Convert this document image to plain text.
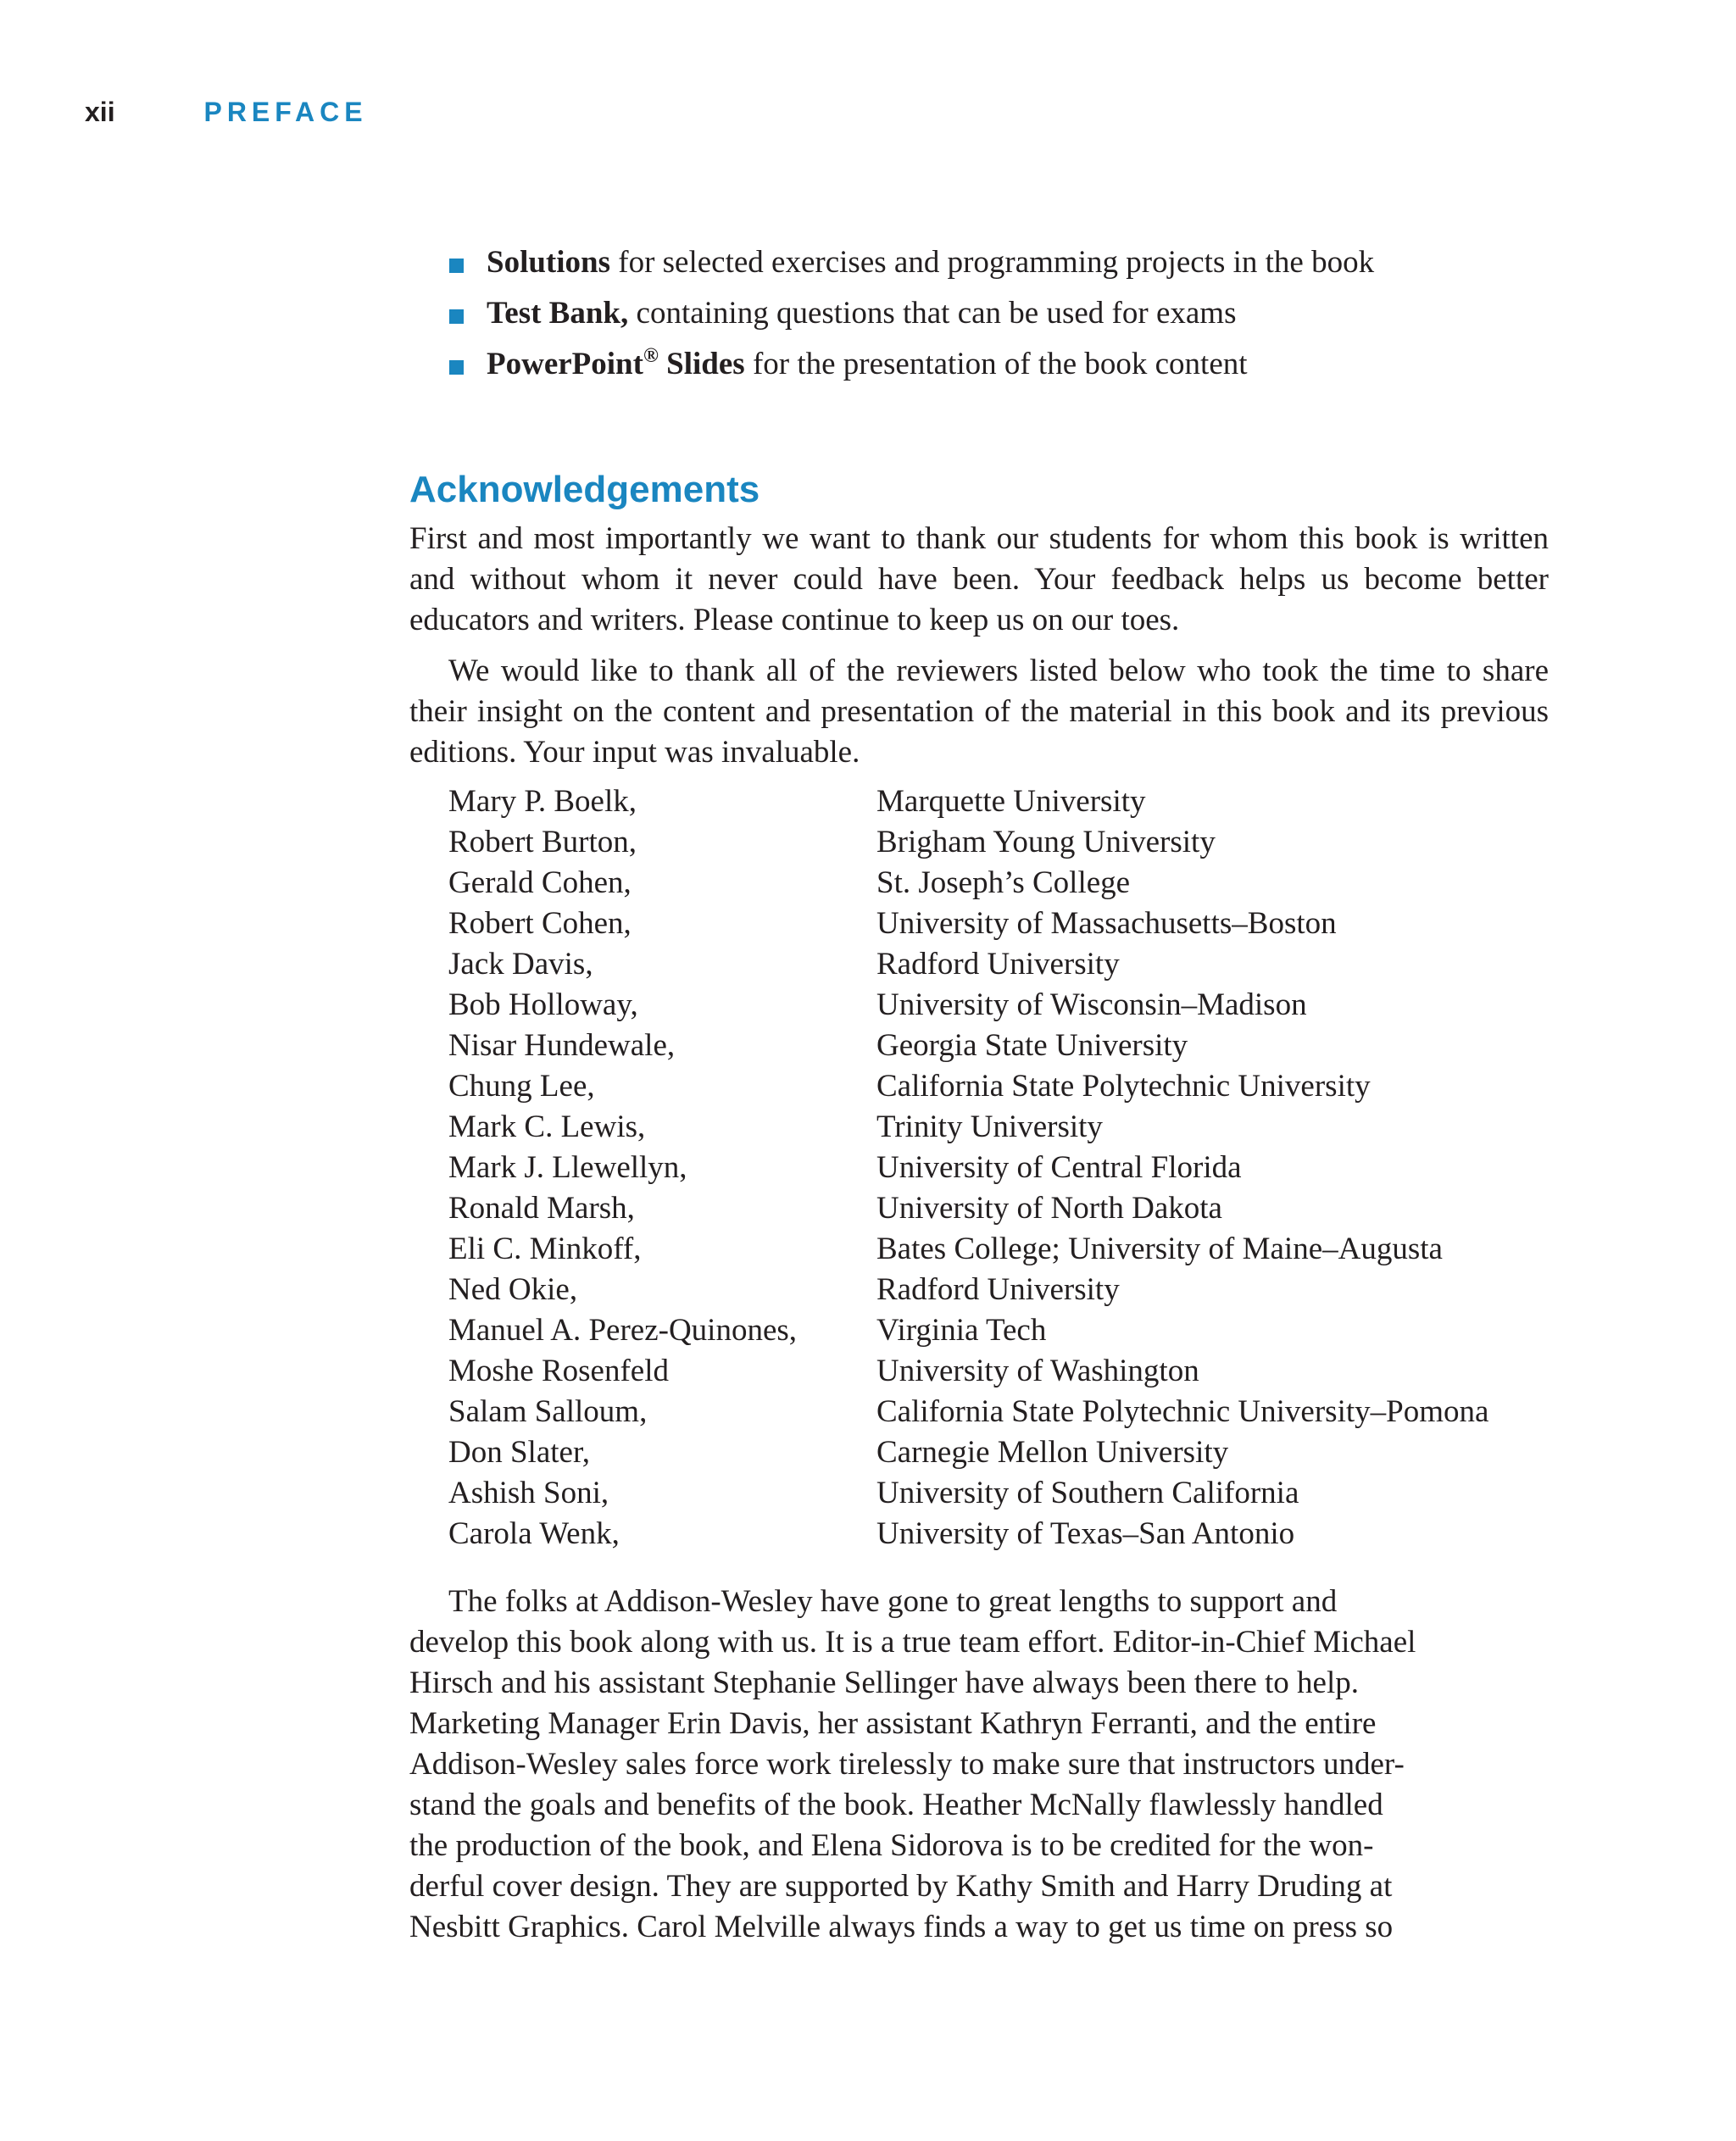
xii	PREFACE
Solutions for selected exercises and programming projects in the book
Test Bank, containing questions that can be used for exams
PowerPoint® Slides for the presentation of the book content
Acknowledgements

First and most importantly we want to thank our students for whom this book is written and without whom it never could have been. Your feedback helps us become better educators and writers. Please continue to keep us on our toes.

We would like to thank all of the reviewers listed below who took the time to share their insight on the content and presentation of the material in this book and its previous editions. Your input was invaluable.

Mary P. Boelk,	Marquette University
Robert Burton,	Brigham Young University
Gerald Cohen,	St. Joseph’s College
Robert Cohen,	University of Massachusetts–Boston
Jack Davis,	Radford University
Bob Holloway,	University of Wisconsin–Madison
Nisar Hundewale,	Georgia State University
Chung Lee,	California State Polytechnic University
Mark C. Lewis,	Trinity University
Mark J. Llewellyn,	University of Central Florida
Ronald Marsh,	University of North Dakota
Eli C. Minkoff,	Bates College; University of Maine–Augusta
Ned Okie,	Radford University
Manuel A. Perez-Quinones,	Virginia Tech
Moshe Rosenfeld	University of Washington
Salam Salloum,	California State Polytechnic University–Pomona
Don Slater,	Carnegie Mellon University
Ashish Soni,	University of Southern California
Carola Wenk,	University of Texas–San Antonio

The folks at Addison-Wesley have gone to great lengths to support and
develop this book along with us. It is a true team effort. Editor-in-Chief Michael
Hirsch and his assistant Stephanie Sellinger have always been there to help.
Marketing Manager Erin Davis, her assistant Kathryn Ferranti, and the entire
Addison-Wesley sales force work tirelessly to make sure that instructors under-
stand the goals and benefits of the book. Heather McNally flawlessly handled
the production of the book, and Elena Sidorova is to be credited for the won-
derful cover design. They are supported by Kathy Smith and Harry Druding at
Nesbitt Graphics. Carol Melville always finds a way to get us time on press so
